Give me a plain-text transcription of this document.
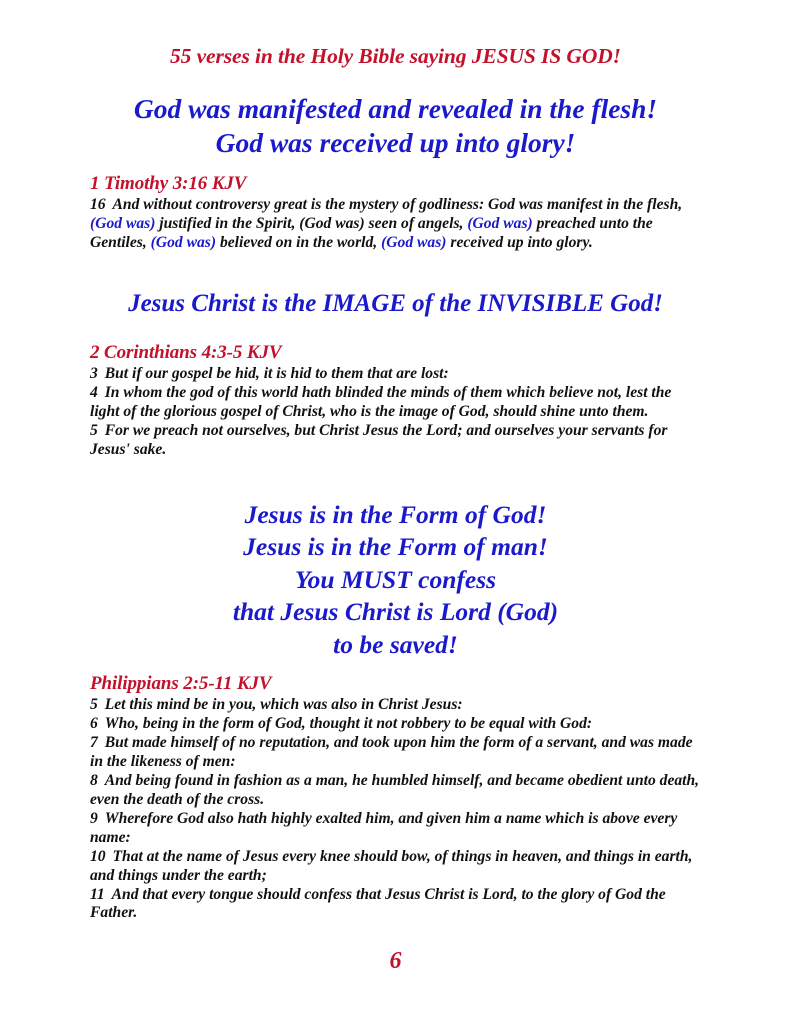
55 verses in the Holy Bible saying JESUS IS GOD!
God was manifested and revealed in the flesh!
God was received up into glory!
1 Timothy 3:16 KJV

16 And without controversy great is the mystery of godliness: God was manifest in the flesh, (God was) justified in the Spirit, (God was) seen of angels, (God was) preached unto the Gentiles, (God was) believed on in the world, (God was) received up into glory.

Jesus Christ is the IMAGE of the INVISIBLE God!
2 Corinthians 4:3-5 KJV

3 But if our gospel be hid, it is hid to them that are lost:

4 In whom the god of this world hath blinded the minds of them which believe not, lest the light of the glorious gospel of Christ, who is the image of God, should shine unto them.

5 For we preach not ourselves, but Christ Jesus the Lord; and ourselves your servants for Jesus' sake.

Jesus is in the Form of God!
Jesus is in the Form of man!
You MUST confess
that Jesus Christ is Lord (God)
to be saved!
Philippians 2:5-11 KJV

5 Let this mind be in you, which was also in Christ Jesus:

6 Who, being in the form of God, thought it not robbery to be equal with God:

7 But made himself of no reputation, and took upon him the form of a servant, and was made in the likeness of men:

8 And being found in fashion as a man, he humbled himself, and became obedient unto death, even the death of the cross.

9 Wherefore God also hath highly exalted him, and given him a name which is above every name:

10 That at the name of Jesus every knee should bow, of things in heaven, and things in earth, and things under the earth;

11 And that every tongue should confess that Jesus Christ is Lord, to the glory of God the Father.

6
